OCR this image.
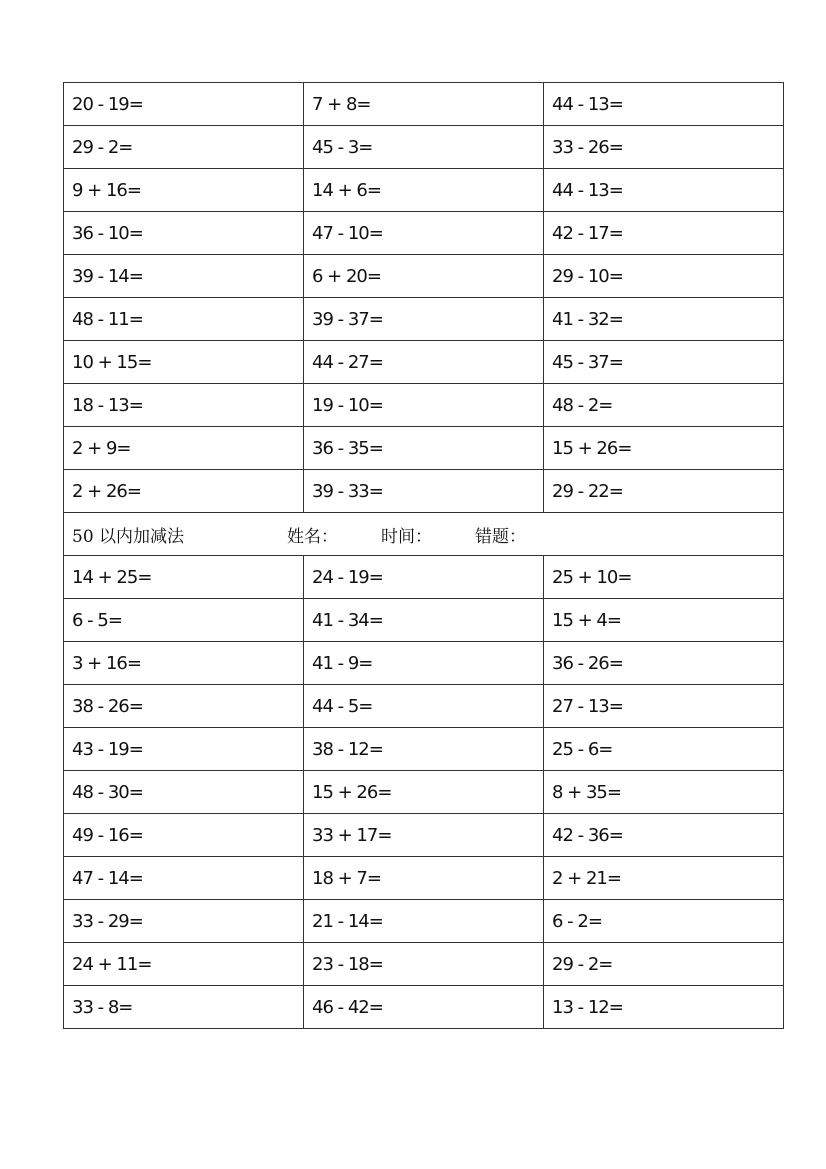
20 - 19=	7 + 8=	44 - 13=
29 - 2=	45 - 3=	33 - 26=
9 + 16=	14 + 6=	44 - 13=
36 - 10=	47 - 10=	42 - 17=
39 - 14=	6 + 20=	29 - 10=
48 - 11=	39 - 37=	41 - 32=
10 + 15=	44 - 27=	45 - 37=
18 - 13=	19 - 10=	48 - 2=
2 + 9=	36 - 35=	15 + 26=
2 + 26=	39 - 33=	29 - 22=
50 以内加减法 姓名： 时间： 错题：		
14 + 25=	24 - 19=	25 + 10=
6 - 5=	41 - 34=	15 + 4=
3 + 16=	41 - 9=	36 - 26=
38 - 26=	44 - 5=	27 - 13=
43 - 19=	38 - 12=	25 - 6=
48 - 30=	15 + 26=	8 + 35=
49 - 16=	33 + 17=	42 - 36=
47 - 14=	18 + 7=	2 + 21=
33 - 29=	21 - 14=	6 - 2=
24 + 11=	23 - 18=	29 - 2=
33 - 8=	46 - 42=	13 - 12=
